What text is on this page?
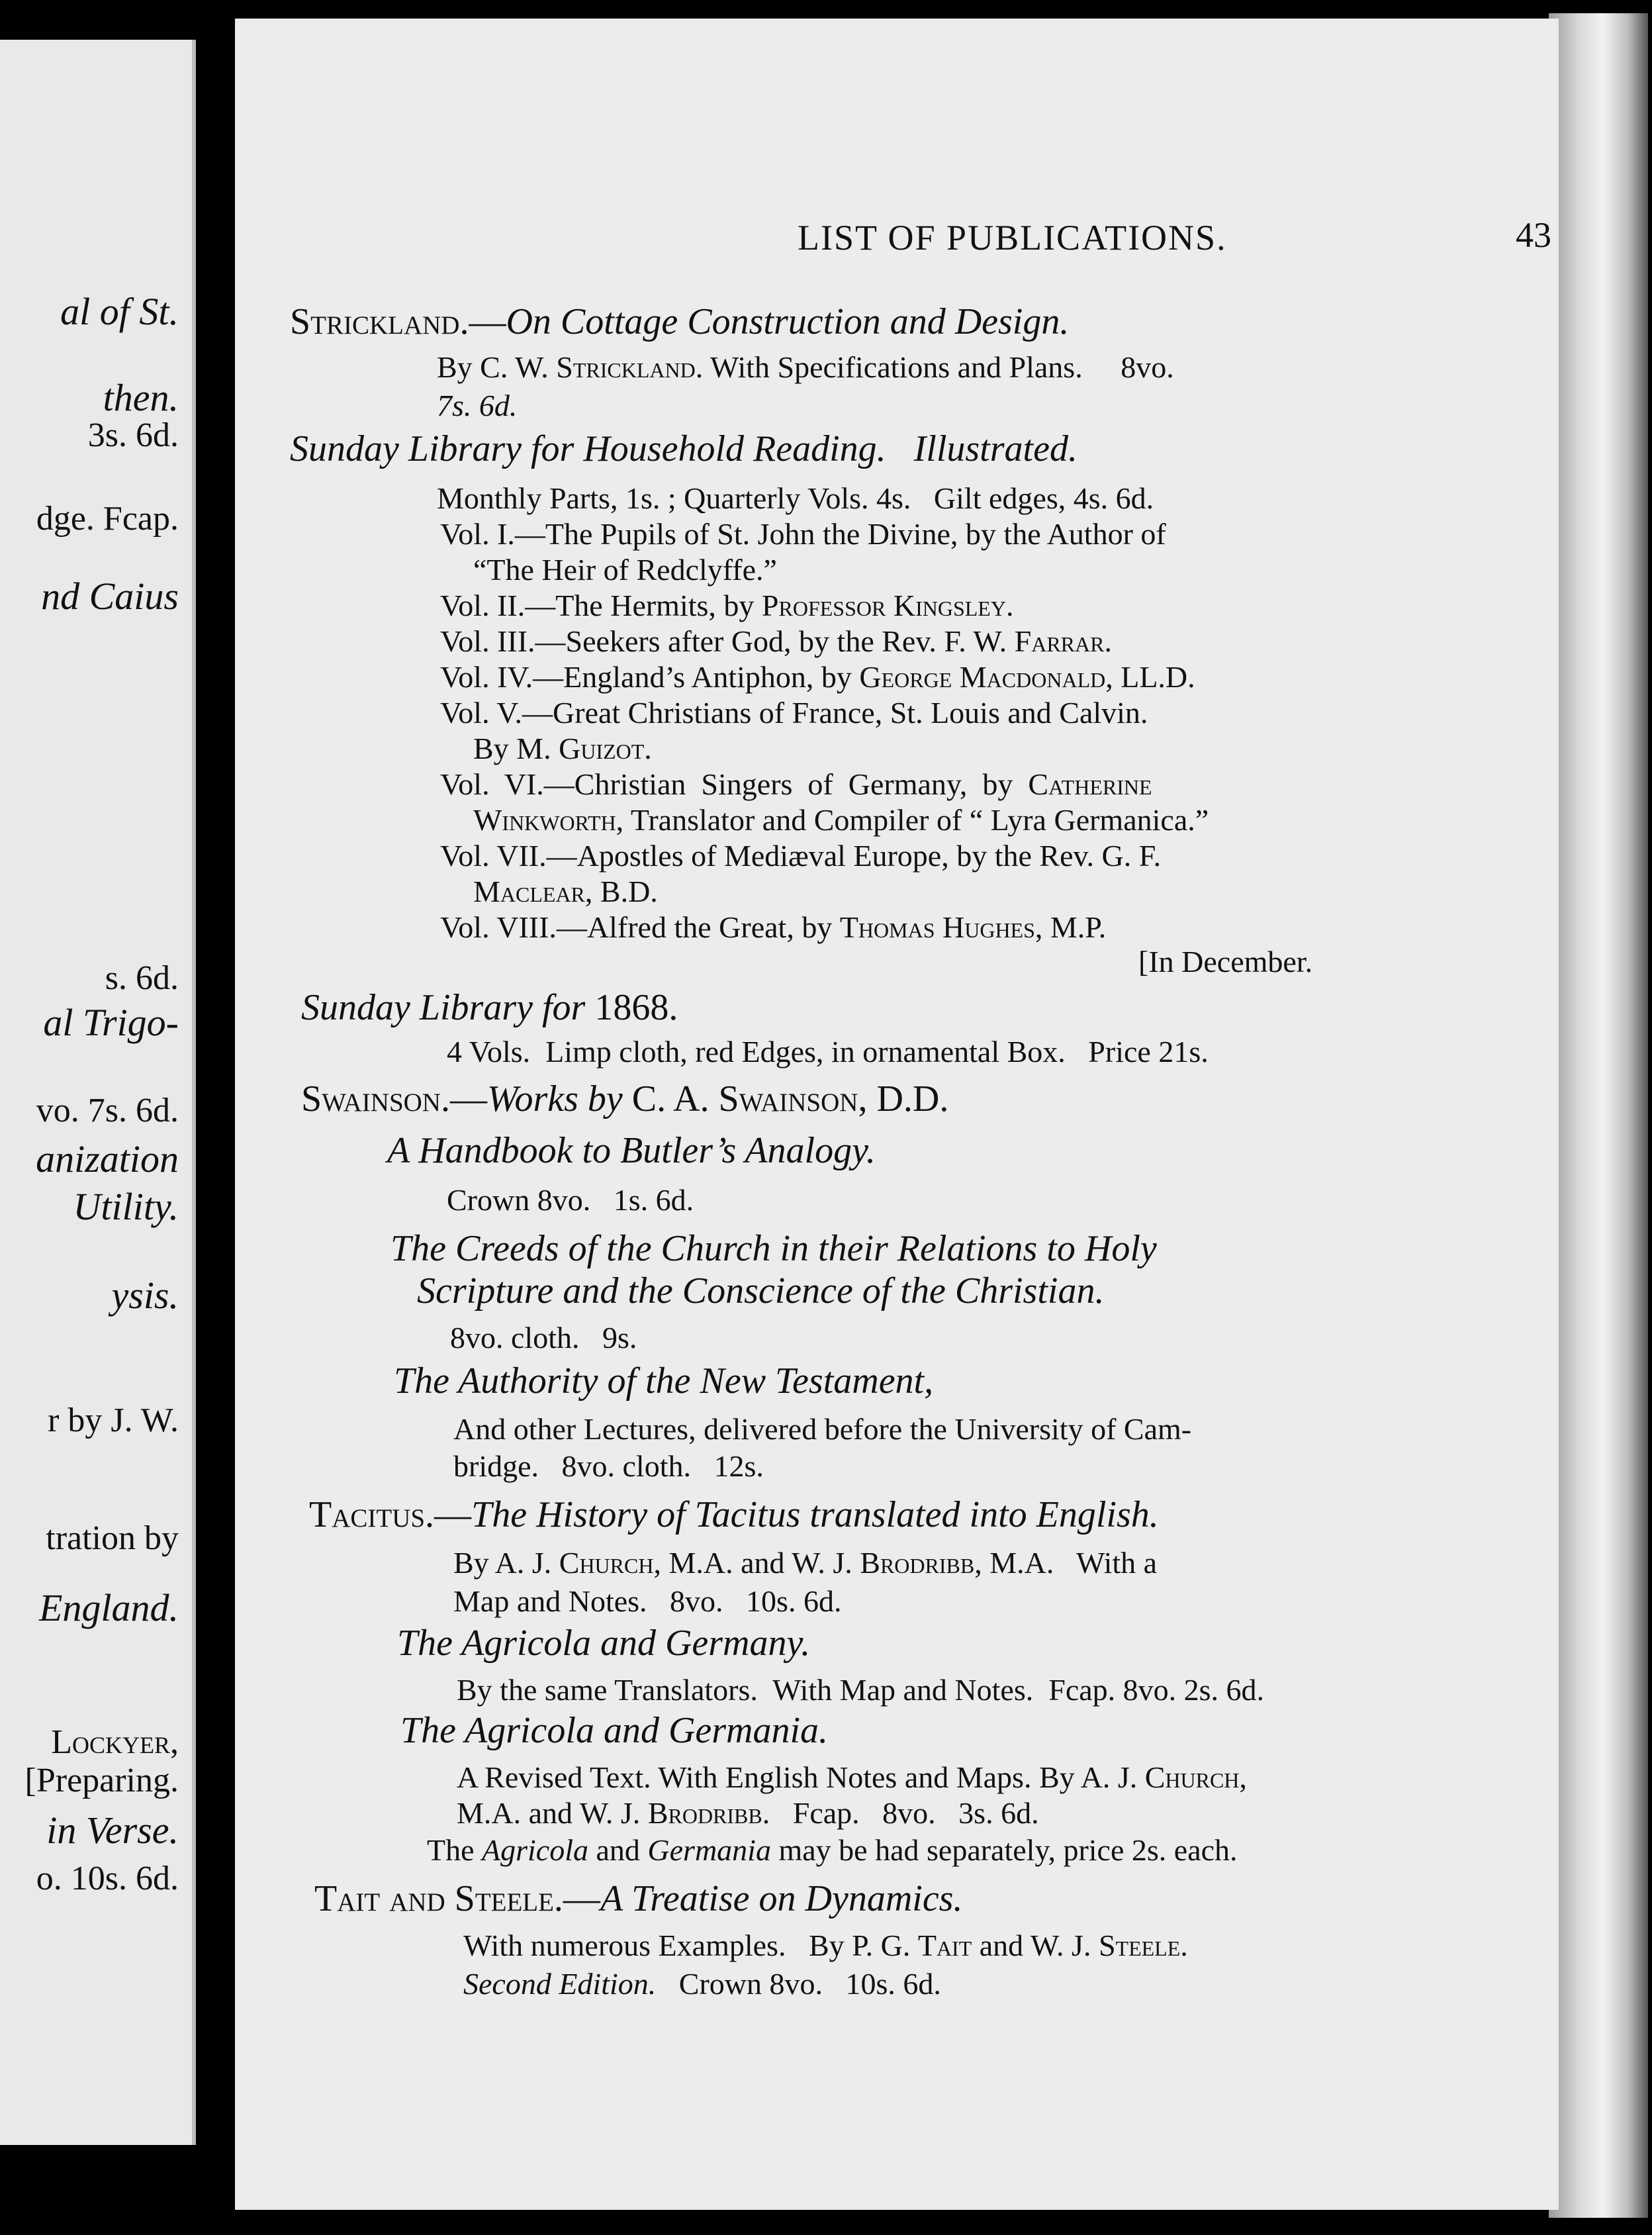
al of St.
then.
3s. 6d.
dge. Fcap.
nd Caius
s. 6d.
al Trigo-
vo. 7s. 6d.
anization
Utility.
ysis.
r by J. W.
tration by
England.
Lockyer,
[Preparing.
in Verse.
o. 10s. 6d.
LIST OF PUBLICATIONS.	43
Strickland.—On Cottage Construction and Design.
By C. W. Strickland. With Specifications and Plans.     8vo.
7s. 6d.
Sunday Library for Household Reading.   Illustrated.
Monthly Parts, 1s. ; Quarterly Vols. 4s.   Gilt edges, 4s. 6d.
Vol. I.—The Pupils of St. John the Divine, by the Author of
“The Heir of Redclyffe.”
Vol. II.—The Hermits, by Professor Kingsley.
Vol. III.—Seekers after God, by the Rev. F. W. Farrar.
Vol. IV.—England’s Antiphon, by George Macdonald, LL.D.
Vol. V.—Great Christians of France, St. Louis and Calvin.
By M. Guizot.
Vol.  VI.—Christian  Singers  of  Germany,  by  Catherine
Winkworth, Translator and Compiler of “ Lyra Germanica.”
Vol. VII.—Apostles of Mediæval Europe, by the Rev. G. F.
Maclear, B.D.
Vol. VIII.—Alfred the Great, by Thomas Hughes, M.P.
[In December.
Sunday Library for 1868.
4 Vols.  Limp cloth, red Edges, in ornamental Box.   Price 21s.
Swainson.—Works by C. A. Swainson, D.D.
A Handbook to Butler’s Analogy.
Crown 8vo.   1s. 6d.
The Creeds of the Church in their Relations to Holy
Scripture and the Conscience of the Christian.
8vo. cloth.   9s.
The Authority of the New Testament,
And other Lectures, delivered before the University of Cam-
bridge.   8vo. cloth.   12s.
Tacitus.—The History of Tacitus translated into English.
By A. J. Church, M.A. and W. J. Brodribb, M.A.   With a
Map and Notes.   8vo.   10s. 6d.
The Agricola and Germany.
By the same Translators.  With Map and Notes.  Fcap. 8vo. 2s. 6d.
The Agricola and Germania.
A Revised Text. With English Notes and Maps. By A. J. Church,
M.A. and W. J. Brodribb.   Fcap.   8vo.   3s. 6d.
The Agricola and Germania may be had separately, price 2s. each.
Tait and Steele.—A Treatise on Dynamics.
With numerous Examples.   By P. G. Tait and W. J. Steele.
Second Edition.   Crown 8vo.   10s. 6d.
